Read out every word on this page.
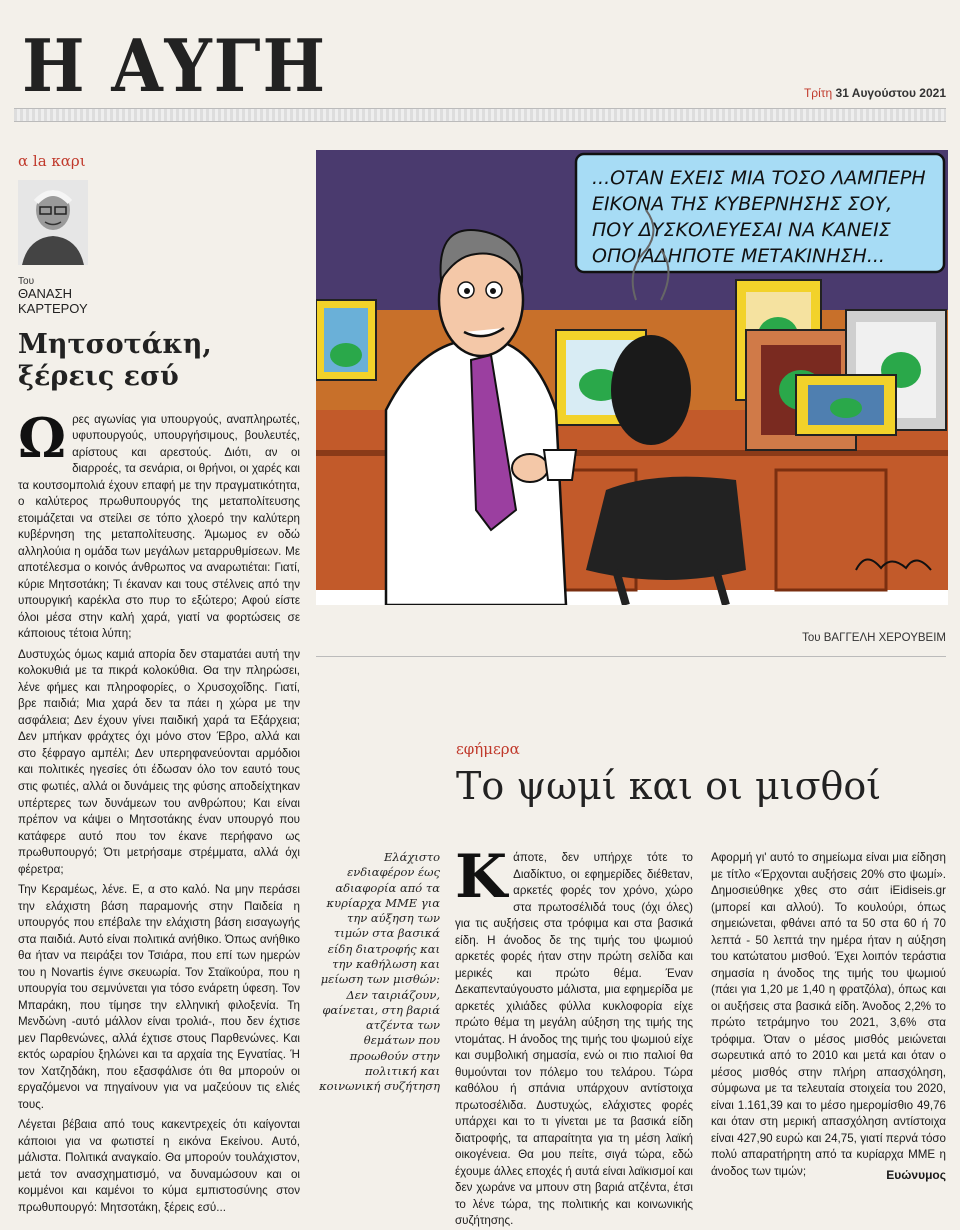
Η ΑΥΓΗ	Τρίτη 31 Αυγούστου 2021
α la καρι
Του
ΘΑΝΑΣΗ
ΚΑΡΤΕΡΟΥ
Μητσοτάκη, ξέρεις εσύ

Ωρες αγωνίας για υπουργούς, αναπληρωτές, υφυπουργούς, υπουργήσιμους, βουλευτές, αρίστους και αρεστούς. Διότι, αν οι διαρροές, τα σενάρια, οι θρήνοι, οι χαρές και τα κουτσομπολιά έχουν επαφή με την πραγματικότητα, ο καλύτερος πρωθυπουργός της μεταπολίτευσης ετοιμάζεται να στείλει σε τόπο χλοερό την καλύτερη κυβέρνηση της μεταπολίτευσης. Άμωμος εν οδώ αλληλούια η ομάδα των μεγάλων μεταρρυθμίσεων. Με αποτέλεσμα ο κοινός άνθρωπος να αναρωτιέται: Γιατί, κύριε Μητσοτάκη; Τι έκαναν και τους στέλνεις από την υπουργική καρέκλα στο πυρ το εξώτερο; Αφού είστε όλοι μέσα στην καλή χαρά, γιατί να φορτώσεις σε κάποιους τέτοια λύπη;

Δυστυχώς όμως καμιά απορία δεν σταματάει αυτή την κολοκυθιά με τα πικρά κολοκύθια. Θα την πληρώσει, λένε φήμες και πληροφορίες, ο Χρυσοχοΐδης. Γιατί, βρε παιδιά; Μια χαρά δεν τα πάει η χώρα με την ασφάλεια; Δεν έχουν γίνει παιδική χαρά τα Εξάρχεια; Δεν μπήκαν φράχτες όχι μόνο στον Έβρο, αλλά και στο ξέφραγο αμπέλι; Δεν υπερηφανεύονται αρμόδιοι και πολιτικές ηγεσίες ότι έδωσαν όλο τον εαυτό τους στις φωτιές, αλλά οι δυνάμεις της φύσης αποδείχτηκαν υπέρτερες των δυνάμεων του ανθρώπου; Και είναι πρέπον να κάψει ο Μητσοτάκης έναν υπουργό που κατάφερε αυτό που τον έκανε περήφανο ως πρωθυπουργό; Ότι μετρήσαμε στρέμματα, αλλά όχι φέρετρα;

Την Κεραμέως, λένε. Ε, α στο καλό. Να μην περάσει την ελάχιστη βάση παραμονής στην Παιδεία η υπουργός που επέβαλε την ελάχιστη βάση εισαγωγής στα παιδιά. Αυτό είναι πολιτικά ανήθικο. Όπως ανήθικο θα ήταν να πειράξει τον Τσιάρα, που επί των ημερών του η Novartis έγινε σκευωρία. Τον Σταϊκούρα, που η υπουργία του σεμνύνεται για τόσο ενάρετη ύφεση. Τον Μπαράκη, που τίμησε την ελληνική φιλοξενία. Τη Μενδώνη -αυτό μάλλον είναι τρολιά-, που δεν έχτισε μεν Παρθενώνες, αλλά έχτισε στους Παρθενώνες. Και εκτός ωραρίου ξηλώνει και τα αρχαία της Εγνατίας. Ή τον Χατζηδάκη, που εξασφάλισε ότι θα μπορούν οι εργαζόμενοι να πηγαίνουν για να μαζεύουν τις ελιές τους.

Λέγεται βέβαια από τους κακεντρεχείς ότι καίγονται κάποιοι για να φωτιστεί η εικόνα Εκείνου. Αυτό, μάλιστα. Πολιτικά αναγκαίο. Θα μπορούν τουλάχιστον, μετά τον ανασχηματισμό, να δυναμώσουν και οι κομμένοι και καμένοι το κύμα εμπιστοσύνης στον πρωθυπουργό: Μητσοτάκη, ξέρεις εσύ...

...ΟΤΑΝ ΕΧΕΙΣ ΜΙΑ ΤΟΣΟ ΛΑΜΠΕΡΗ
ΕΙΚΟΝΑ ΤΗΣ ΚΥΒΕΡΝΗΣΗΣ ΣΟΥ,
ΠΟΥ ΔΥΣΚΟΛΕΥΕΣΑΙ ΝΑ ΚΑΝΕΙΣ
ΟΠΟΙΑΔΗΠΟΤΕ ΜΕΤΑΚΙΝΗΣΗ...
Του ΒΑΓΓΕΛΗ ΧΕΡΟΥΒΕΙΜ
εφήμερα
Το ψωμί και οι μισθοί
Ελάχιστο ενδιαφέρον έως αδιαφορία από τα κυρίαρχα ΜΜΕ για την αύξηση των τιμών στα βασικά είδη διατροφής και την καθήλωση και μείωση των μισθών: Δεν ταιριάζουν, φαίνεται, στη βαριά ατζέντα των θεμάτων που προωθούν στην πολιτική και κοινωνική συζήτηση
Κάποτε, δεν υπήρχε τότε το Διαδίκτυο, οι εφημερίδες διέθεταν, αρκετές φορές τον χρόνο, χώρο στα πρωτοσέλιδά τους (όχι όλες) για τις αυξήσεις στα τρόφιμα και στα βασικά είδη. Η άνοδος δε της τιμής του ψωμιού αρκετές φορές ήταν στην πρώτη σελίδα και μερικές και πρώτο θέμα. Έναν Δεκαπενταύγουστο μάλιστα, μια εφημερίδα με αρκετές χιλιάδες φύλλα κυκλοφορία είχε πρώτο θέμα τη μεγάλη αύξηση της τιμής της ντομάτας. Η άνοδος της τιμής του ψωμιού είχε και συμβολική σημασία, ενώ οι πιο παλιοί θα θυμούνται τον πόλεμο του τελάρου. Τώρα καθόλου ή σπάνια υπάρχουν αντίστοιχα πρωτοσέλιδα. Δυστυχώς, ελάχιστες φορές υπάρχει και το τι γίνεται με τα βασικά είδη διατροφής, τα απαραίτητα για τη μέση λαϊκή οικογένεια. Θα μου πείτε, σιγά τώρα, εδώ έχουμε άλλες εποχές ή αυτά είναι λαϊκισμοί και δεν χωράνε να μπουν στη βαριά ατζέντα, έτσι το λένε τώρα, της πολιτικής και κοινωνικής συζήτησης.
Αφορμή γι' αυτό το σημείωμα είναι μια είδηση με τίτλο «Έρχονται αυξήσεις 20% στο ψωμί». Δημοσιεύθηκε χθες στο σάιτ iEidiseis.gr (μπορεί και αλλού). Το κουλούρι, όπως σημειώνεται, φθάνει από τα 50 στα 60 ή 70 λεπτά - 50 λεπτά την ημέρα ήταν η αύξηση του κατώτατου μισθού. Έχει λοιπόν τεράστια σημασία η άνοδος της τιμής του ψωμιού (πάει για 1,20 με 1,40 η φρατζόλα), όπως και οι αυξήσεις στα βασικά είδη. Άνοδος 2,2% το πρώτο τετράμηνο του 2021, 3,6% στα τρόφιμα. Όταν ο μέσος μισθός μειώνεται σωρευτικά από το 2010 και μετά και όταν ο μέσος μισθός στην πλήρη απασχόληση, σύμφωνα με τα τελευταία στοιχεία του 2020, είναι 1.161,39 και το μέσο ημερομίσθιο 49,76 και όταν στη μερική απασχόληση αντίστοιχα είναι 427,90 ευρώ και 24,75, γιατί περνά τόσο πολύ απαρατήρητη από τα κυρίαρχα ΜΜΕ η άνοδος των τιμών;	Ευώνυμος
